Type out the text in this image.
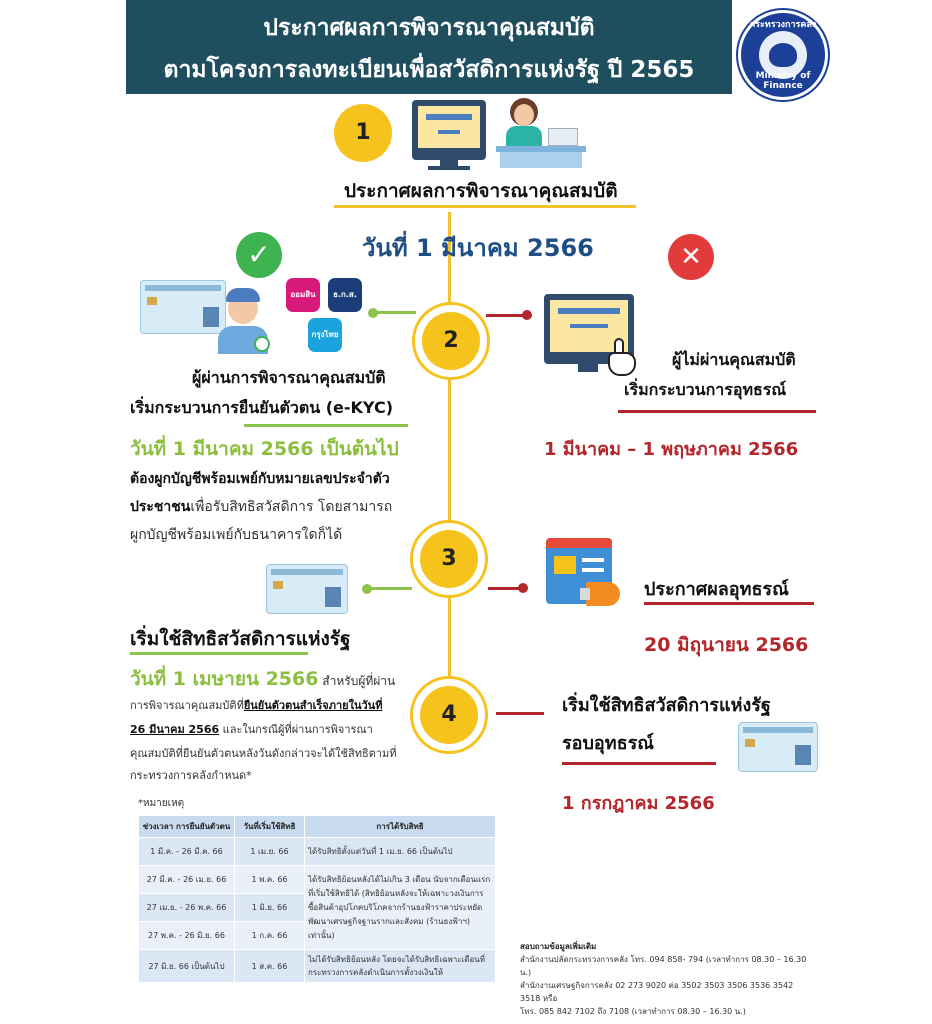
ประกาศผลการพิจารณาคุณสมบัติ
ตามโครงการลงทะเบียนเพื่อสวัสดิการแห่งรัฐ ปี 2565
กระทรวงการคลัง
Ministry of Finance
1
ประกาศผลการพิจารณาคุณสมบัติ
วันที่ 1 มีนาคม 2566
✓	✕
ออมสิน	ธ.ก.ส.
กรุงไทย	2
ผู้ผ่านการพิจารณาคุณสมบัติ
เริ่มกระบวนการยืนยันตัวตน (e-KYC)
วันที่ 1 มีนาคม 2566 เป็นต้นไป
ต้องผูกบัญชีพร้อมเพย์กับหมายเลขประจำตัว
ประชาชนเพื่อรับสิทธิสวัสดิการ โดยสามารถ
ผูกบัญชีพร้อมเพย์กับธนาคารใดก็ได้
ผู้ไม่ผ่านคุณสมบัติ
เริ่มกระบวนการอุทธรณ์
1 มีนาคม – 1 พฤษภาคม 2566
3
เริ่มใช้สิทธิสวัสดิการแห่งรัฐ
วันที่ 1 เมษายน 2566 สำหรับผู้ที่ผ่าน
การพิจารณาคุณสมบัติที่ยืนยันตัวตนสำเร็จภายในวันที่
26 มีนาคม 2566 และในกรณีผู้ที่ผ่านการพิจารณา
คุณสมบัติที่ยืนยันตัวตนหลังวันดังกล่าวจะได้ใช้สิทธิตามที่
กระทรวงการคลังกำหนด*
ประกาศผลอุทธรณ์
20 มิถุนายน 2566
4	เริ่มใช้สิทธิสวัสดิการแห่งรัฐ
รอบอุทธรณ์
1 กรกฎาคม 2566
*หมายเหตุ
ช่วงเวลา การยืนยันตัวตน	วันที่เริ่มใช้สิทธิ	การได้รับสิทธิ
1 มี.ค. - 26 มี.ค. 66	1 เม.ย. 66	ได้รับสิทธิตั้งแต่วันที่ 1 เม.ย. 66 เป็นต้นไป
27 มี.ค. - 26 เม.ย. 66	1 พ.ค. 66	ได้รับสิทธิย้อนหลังได้ไม่เกิน 3 เดือน นับจากเดือนแรกที่เริ่มใช้สิทธิได้ (สิทธิย้อนหลังจะให้เฉพาะวงเงินการซื้อสินค้าอุปโภคบริโภคจากร้านธงฟ้าราคาประหยัดพัฒนาเศรษฐกิจฐานรากและสังคม (ร้านธงฟ้าฯ) เท่านั้น)
27 เม.ย. - 26 พ.ค. 66	1 มิ.ย. 66	
27 พ.ค. - 26 มิ.ย. 66	1 ก.ค. 66	
27 มิ.ย. 66 เป็นต้นไป	1 ส.ค. 66	ไม่ได้รับสิทธิย้อนหลัง โดยจะได้รับสิทธิเฉพาะเดือนที่กระทรวงการคลังดำเนินการตั้งวงเงินให้
สอบถามข้อมูลเพิ่มเติม
สำนักงานปลัดกระทรวงการคลัง โทร. 094 858- 794 (เวลาทำการ 08.30 – 16.30 น.)
สำนักงานเศรษฐกิจการคลัง 02 273 9020 ต่อ 3502 3503 3506 3536 3542 3518 หรือ
โทร. 085 842 7102 ถึง 7108 (เวลาทำการ 08.30 – 16.30 น.)
